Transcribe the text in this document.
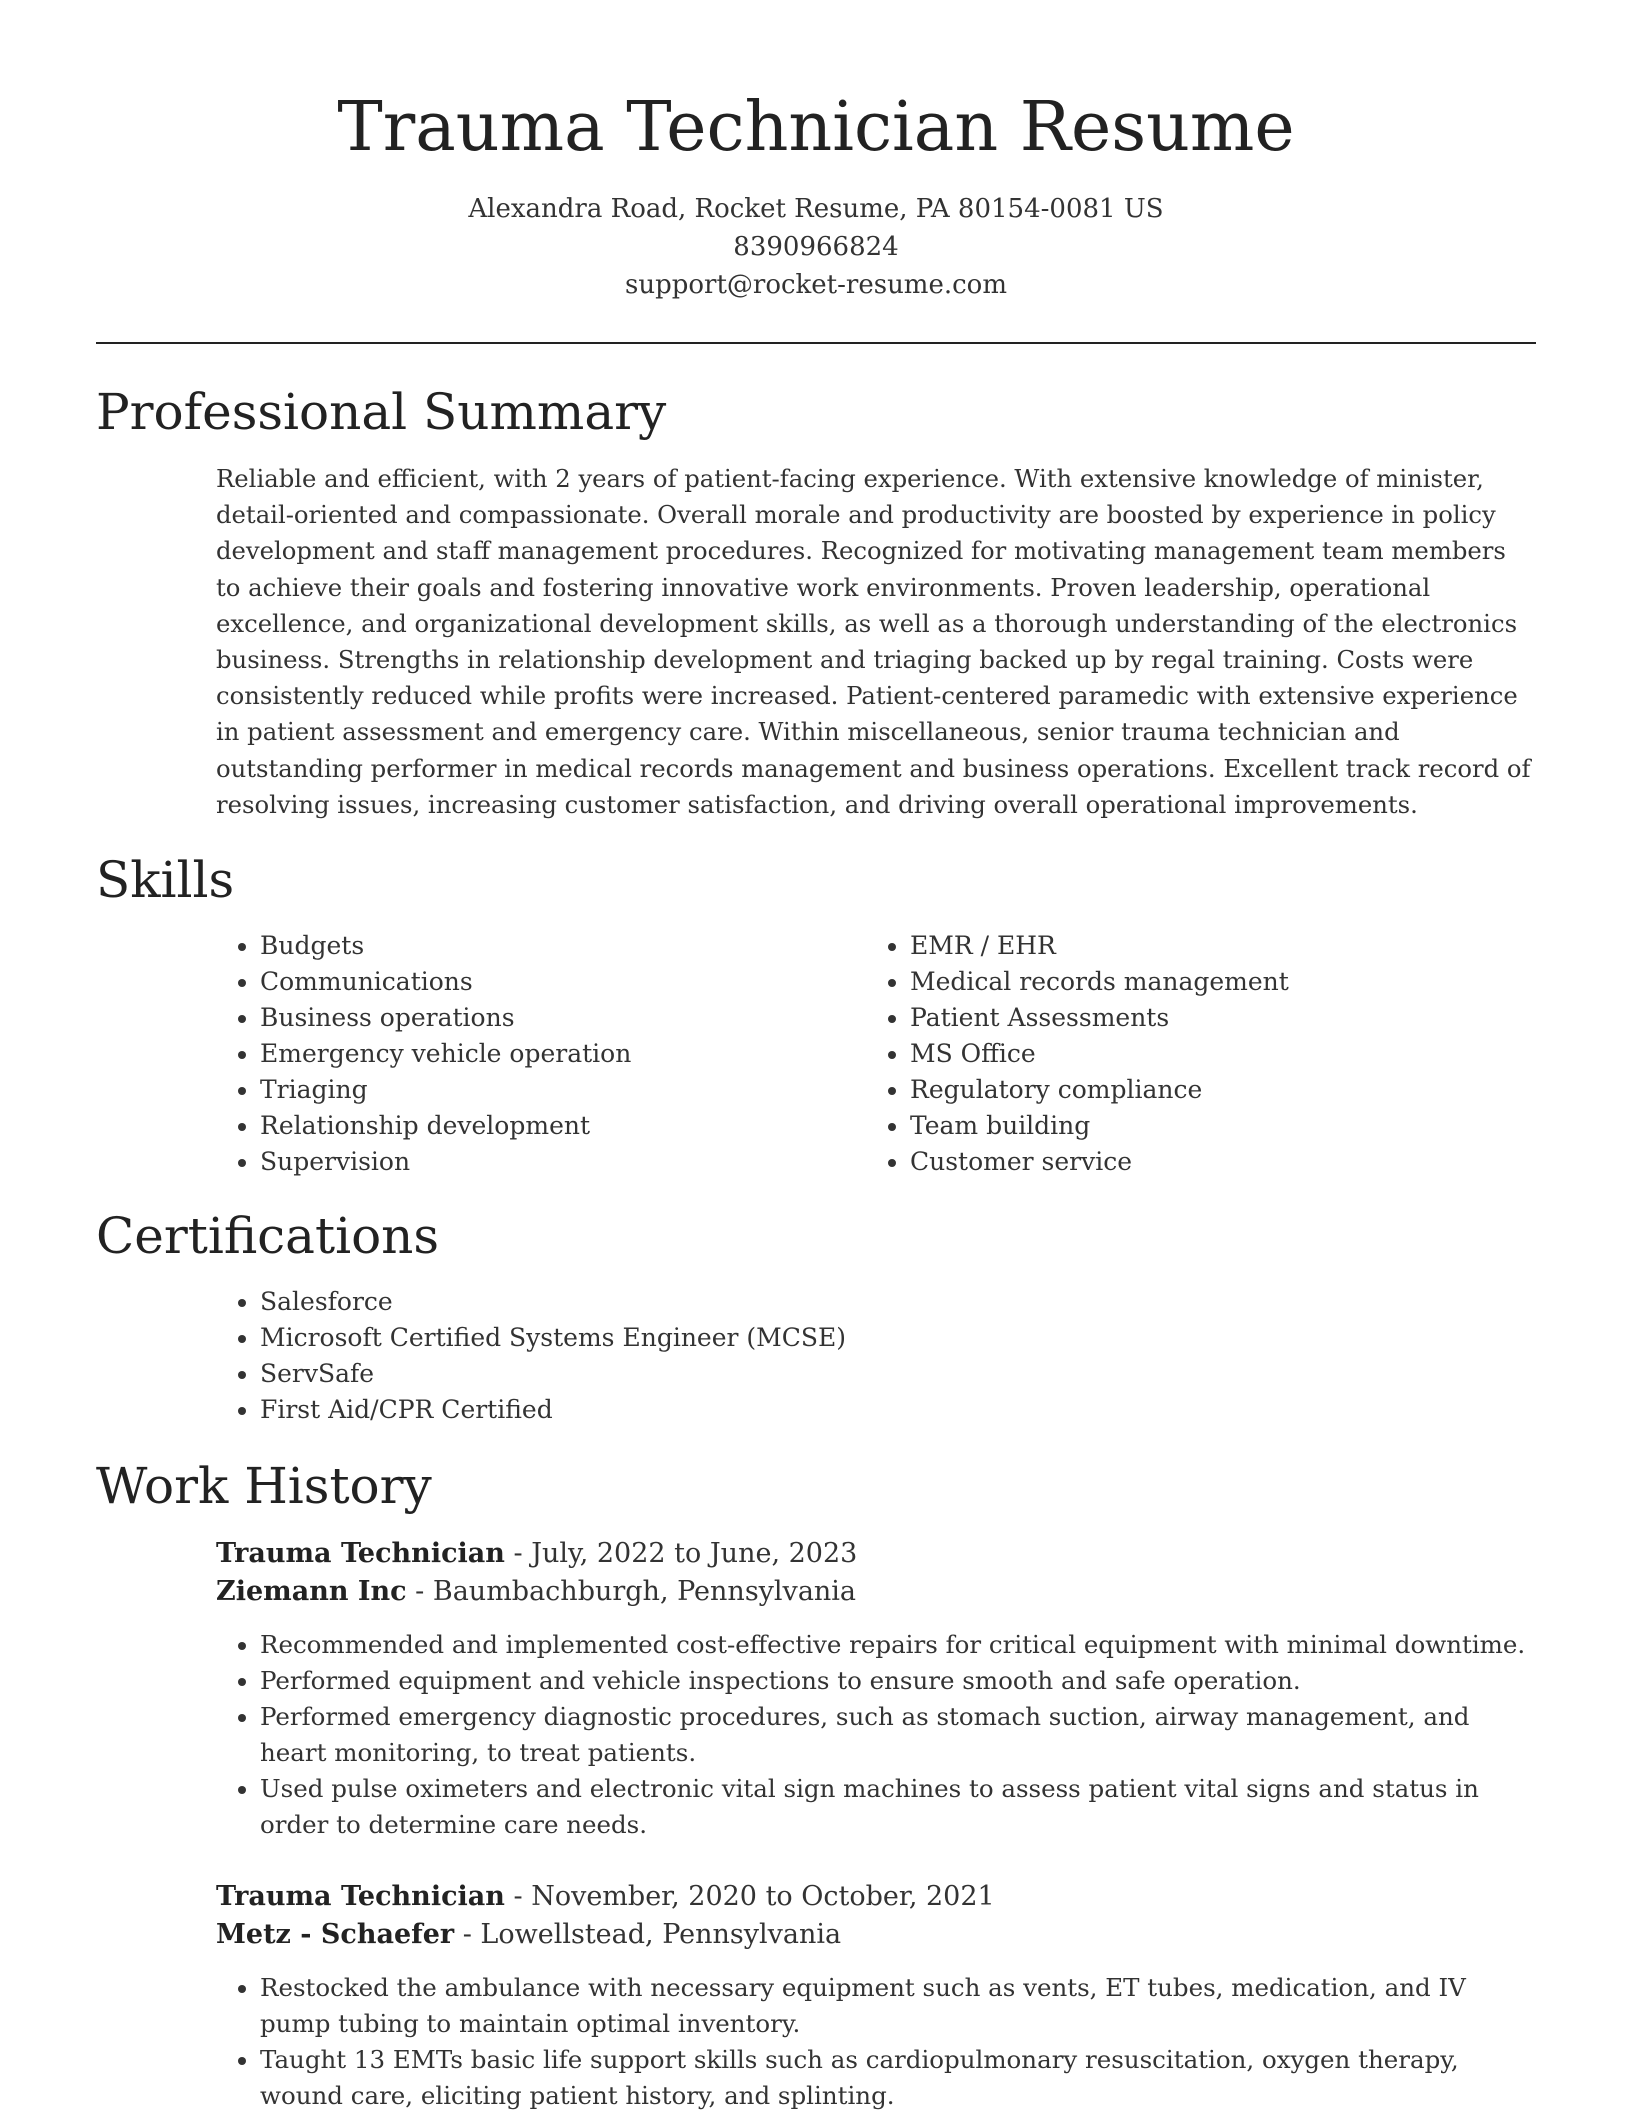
Trauma Technician Resume
Alexandra Road, Rocket Resume, PA 80154-0081 US
8390966824
support@rocket-resume.com
Professional Summary

Reliable and efficient, with 2 years of patient-facing experience. With extensive knowledge of minister, detail-oriented and compassionate. Overall morale and productivity are boosted by experience in policy development and staff management procedures. Recognized for motivating management team members to achieve their goals and fostering innovative work environments. Proven leadership, operational excellence, and organizational development skills, as well as a thorough understanding of the electronics business. Strengths in relationship development and triaging backed up by regal training. Costs were consistently reduced while profits were increased. Patient-centered paramedic with extensive experience in patient assessment and emergency care. Within miscellaneous, senior trauma technician and outstanding performer in medical records management and business operations. Excellent track record of resolving issues, increasing customer satisfaction, and driving overall operational improvements.

Skills
• Budgets
• Communications
• Business operations
• Emergency vehicle operation
• Triaging
• Relationship development
• Supervision
• EMR / EHR
• Medical records management
• Patient Assessments
• MS Office
• Regulatory compliance
• Team building
• Customer service
Certifications
• Salesforce
• Microsoft Certified Systems Engineer (MCSE)
• ServSafe
• First Aid/CPR Certified
Work History
Trauma Technician - July, 2022 to June, 2023
Ziemann Inc - Baumbachburgh, Pennsylvania
• Recommended and implemented cost-effective repairs for critical equipment with minimal downtime.
• Performed equipment and vehicle inspections to ensure smooth and safe operation.
• Performed emergency diagnostic procedures, such as stomach suction, airway management, and heart monitoring, to treat patients.
• Used pulse oximeters and electronic vital sign machines to assess patient vital signs and status in order to determine care needs.
Trauma Technician - November, 2020 to October, 2021
Metz - Schaefer - Lowellstead, Pennsylvania
• Restocked the ambulance with necessary equipment such as vents, ET tubes, medication, and IV pump tubing to maintain optimal inventory.
• Taught 13 EMTs basic life support skills such as cardiopulmonary resuscitation, oxygen therapy, wound care, eliciting patient history, and splinting.
